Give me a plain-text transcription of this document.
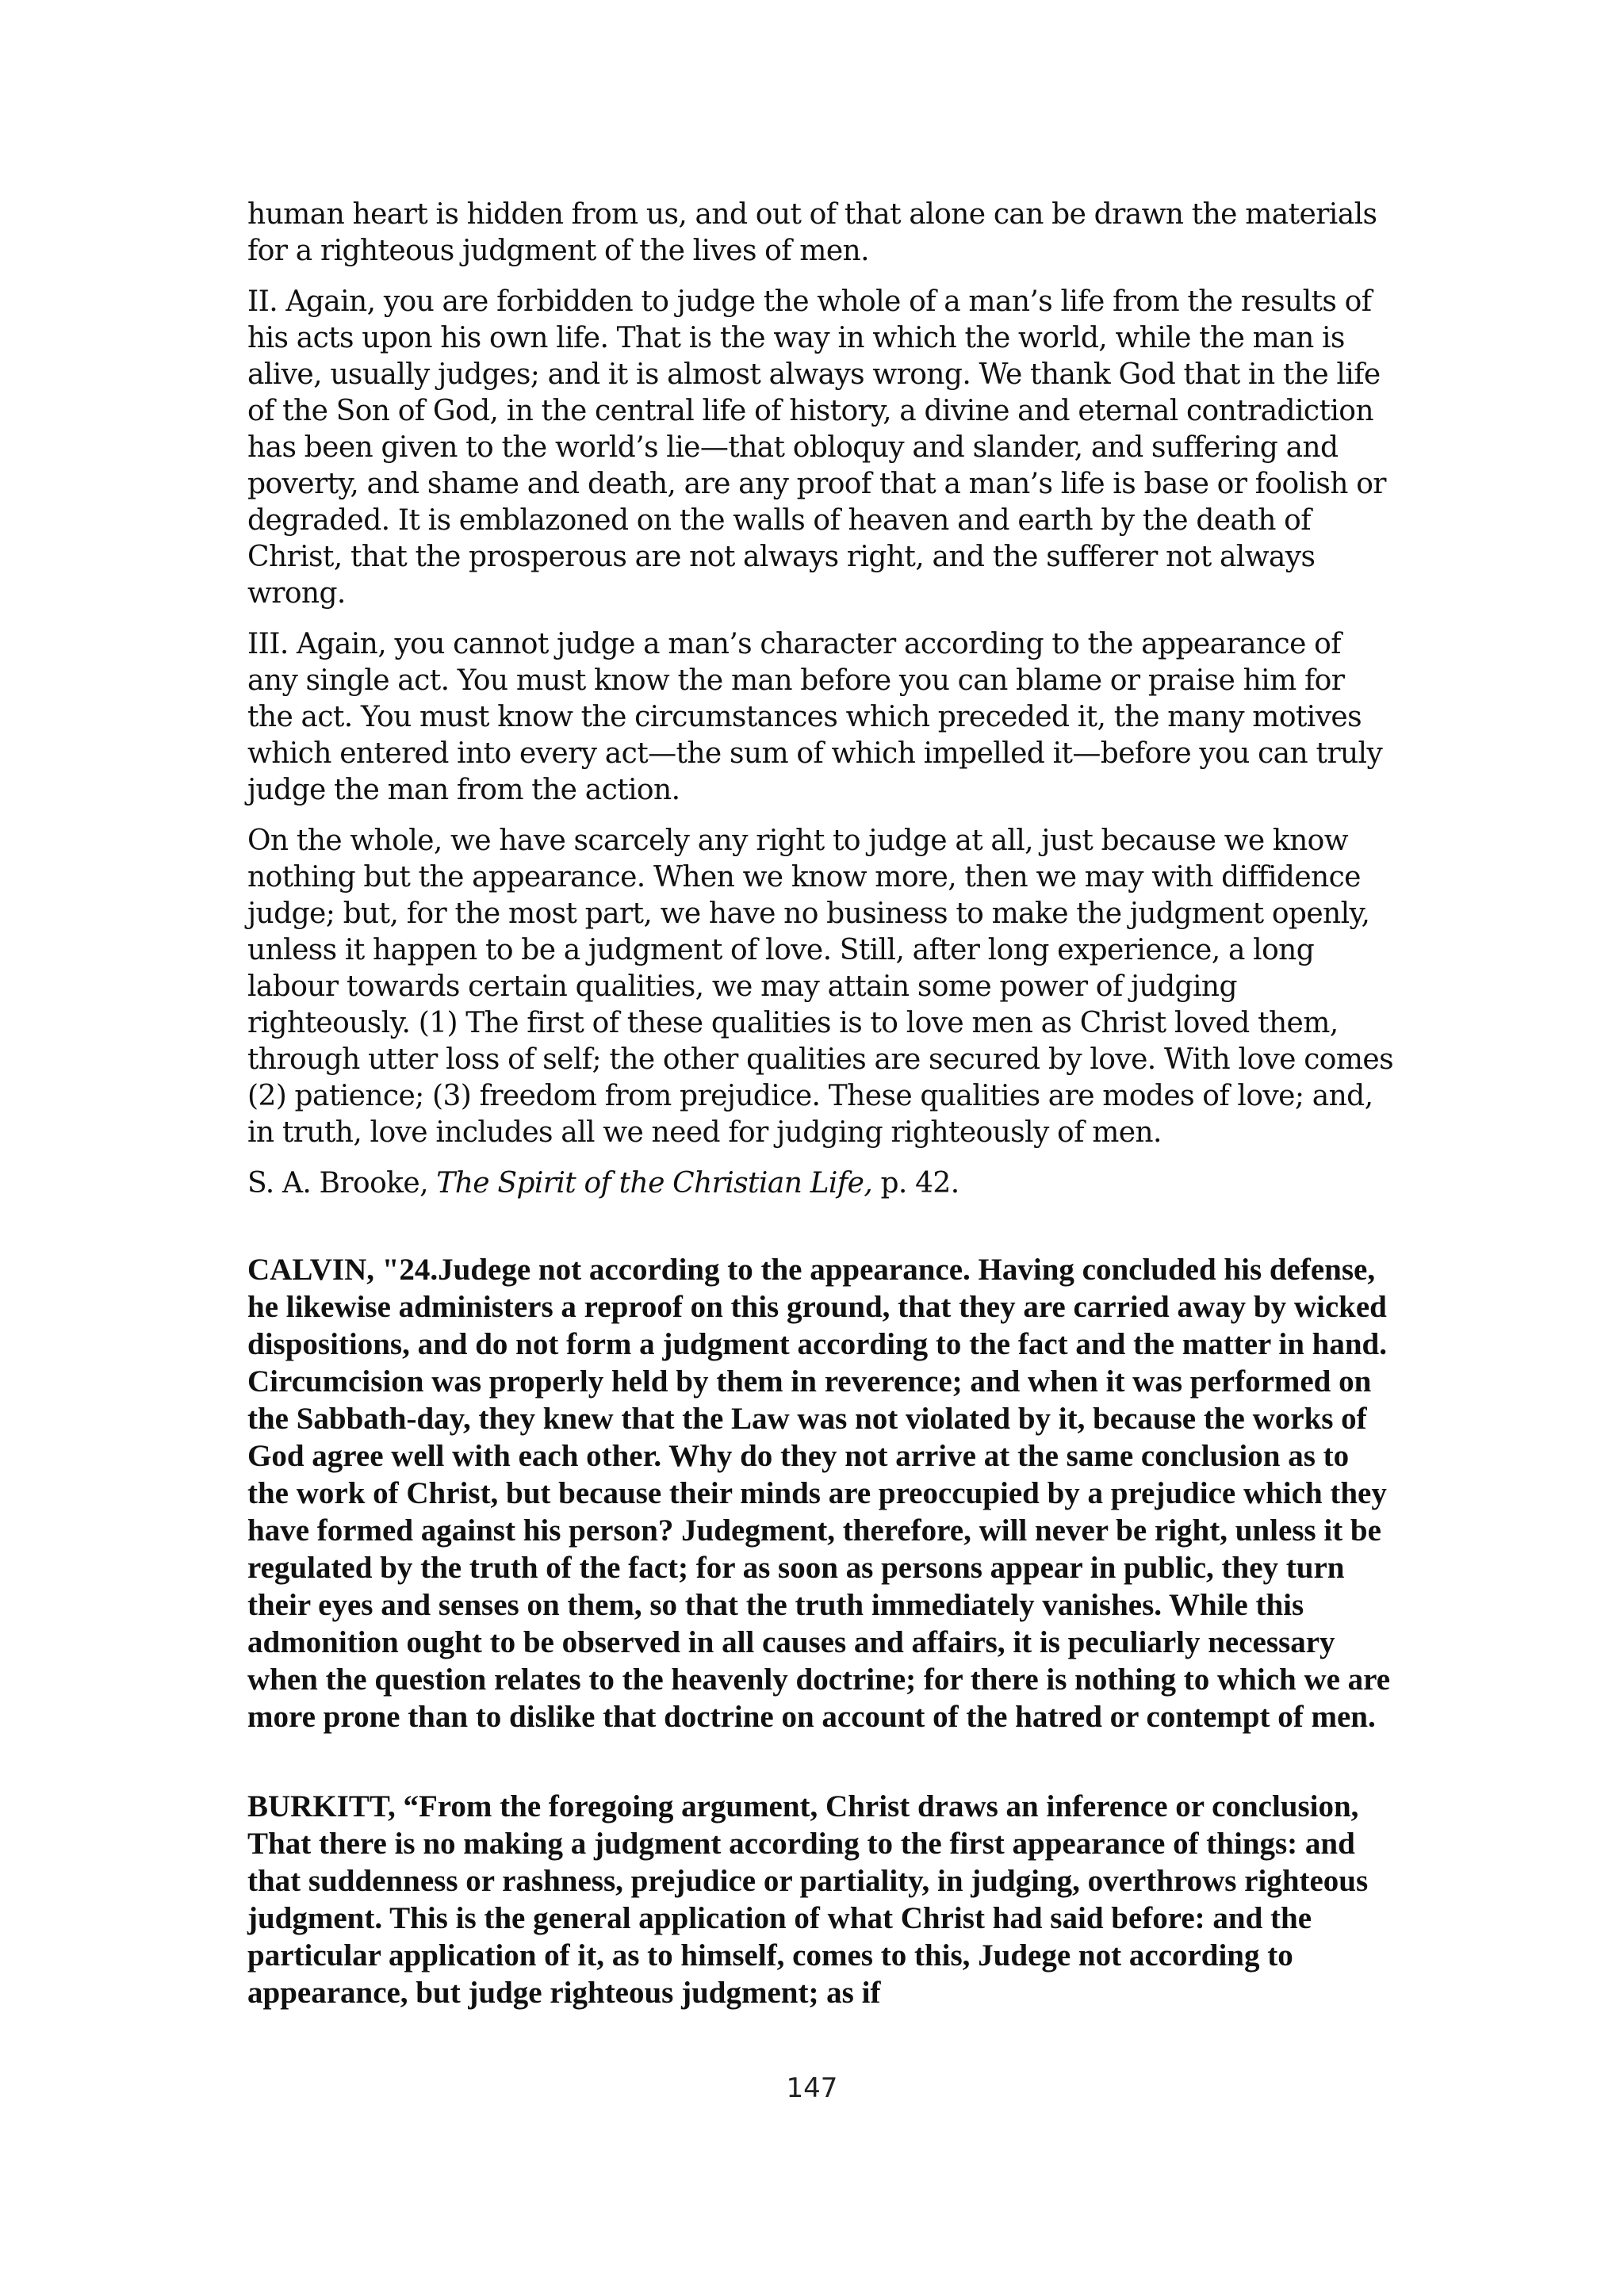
human heart is hidden from us, and out of that alone can be drawn the materials for a righteous judgment of the lives of men.

II. Again, you are forbidden to judge the whole of a man’s life from the results of his acts upon his own life. That is the way in which the world, while the man is alive, usually judges; and it is almost always wrong. We thank God that in the life of the Son of God, in the central life of history, a divine and eternal contradiction has been given to the world’s lie—that obloquy and slander, and suffering and poverty, and shame and death, are any proof that a man’s life is base or foolish or degraded. It is emblazoned on the walls of heaven and earth by the death of Christ, that the prosperous are not always right, and the sufferer not always wrong.

III. Again, you cannot judge a man’s character according to the appearance of any single act. You must know the man before you can blame or praise him for the act. You must know the circumstances which preceded it, the many motives which entered into every act—the sum of which impelled it—before you can truly judge the man from the action.

On the whole, we have scarcely any right to judge at all, just because we know nothing but the appearance. When we know more, then we may with diffidence judge; but, for the most part, we have no business to make the judgment openly, unless it happen to be a judgment of love. Still, after long experience, a long labour towards certain qualities, we may attain some power of judging righteously. (1) The first of these qualities is to love men as Christ loved them, through utter loss of self; the other qualities are secured by love. With love comes (2) patience; (3) freedom from prejudice. These qualities are modes of love; and, in truth, love includes all we need for judging righteously of men.

S. A. Brooke, The Spirit of the Christian Life, p. 42.

CALVIN, "24.Judege not according to the appearance. Having concluded his defense, he likewise administers a reproof on this ground, that they are carried away by wicked dispositions, and do not form a judgment according to the fact and the matter in hand. Circumcision was properly held by them in reverence; and when it was performed on the Sabbath-day, they knew that the Law was not violated by it, because the works of God agree well with each other. Why do they not arrive at the same conclusion as to the work of Christ, but because their minds are preoccupied by a prejudice which they have formed against his person? Judegment, therefore, will never be right, unless it be regulated by the truth of the fact; for as soon as persons appear in public, they turn their eyes and senses on them, so that the truth immediately vanishes. While this admonition ought to be observed in all causes and affairs, it is peculiarly necessary when the question relates to the heavenly doctrine; for there is nothing to which we are more prone than to dislike that doctrine on account of the hatred or contempt of men.

BURKITT, “From the foregoing argument, Christ draws an inference or conclusion, That there is no making a judgment according to the first appearance of things: and that suddenness or rashness, prejudice or partiality, in judging, overthrows righteous judgment. This is the general application of what Christ had said before: and the particular application of it, as to himself, comes to this, Judege not according to appearance, but judge righteous judgment; as if

147
